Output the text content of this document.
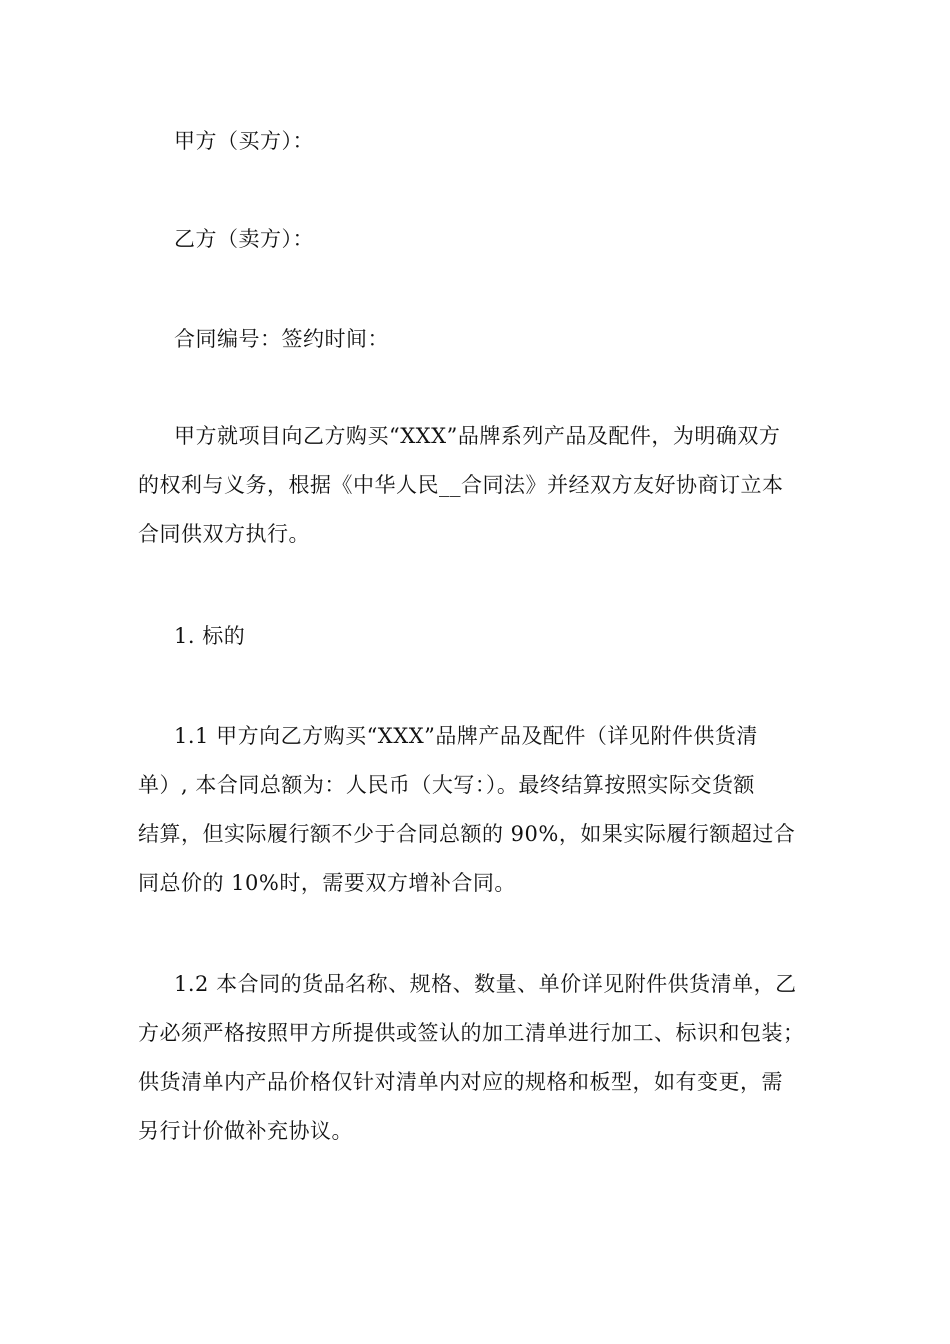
甲方（买方）：

乙方（卖方）：

合同编号：签约时间：

甲方就项目向乙方购买“XXX”品牌系列产品及配件，为明确双方
的权利与义务，根据《中华人民__合同法》并经双方友好协商订立本
合同供双方执行。

1. 标的

1.1 甲方向乙方购买“XXX”品牌产品及配件（详见附件供货清
单）, 本合同总额为：人民币（大写：）。最终结算按照实际交货额
结算，但实际履行额不少于合同总额的 90%，如果实际履行额超过合
同总价的 10%时，需要双方增补合同。

1.2 本合同的货品名称、规格、数量、单价详见附件供货清单，乙
方必须严格按照甲方所提供或签认的加工清单进行加工、标识和包装；
供货清单内产品价格仅针对清单内对应的规格和板型，如有变更，需
另行计价做补充协议。
